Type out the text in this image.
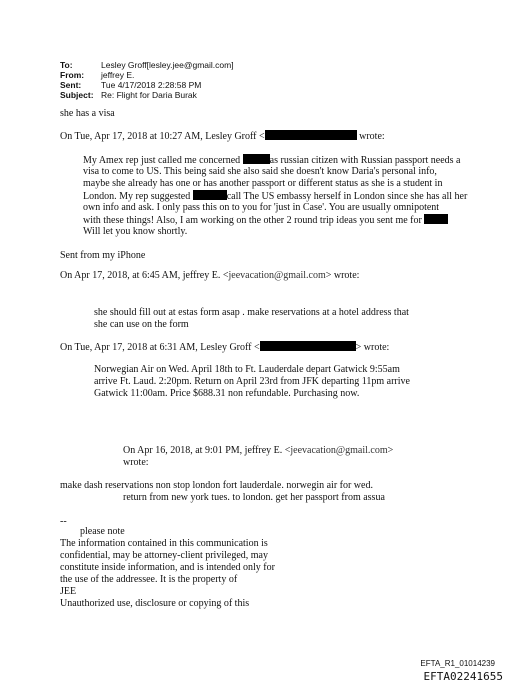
To:	Lesley Groff[lesley.jee@gmail.com]
From: jeffrey E.
Sent: Tue 4/17/2018 2:28:58 PM
Subject: Re: Flight for Daria Burak
she has a visa
On Tue, Apr 17, 2018 at 10:27 AM, Lesley Groff <	wrote:
My Amex rep just called me concerned	as russian citizen with Russian passport needs a
visa to come to US. This being said she also said she doesn't know Daria's personal info,
maybe she already has one or has another passport or different status as she is a student in
London. My rep suggested	call The US embassy herself in London since she has all her
own info and ask. I only pass this on to you for 'just in Case'. You are usually omnipotent
with these things! Also, I am working on the other 2 round trip ideas you sent me for
Will let you know shortly.
Sent from my iPhone
On Apr 17, 2018, at 6:45 AM, jeffrey E. <jeevacation@gmail.com> wrote:
she should fill out at estas form asap . make reservations at a hotel address that
she can use on the form
On Tue, Apr 17, 2018 at 6:31 AM, Lesley Groff <	> wrote:
Norwegian Air on Wed. April 18th to Ft. Lauderdale depart Gatwick 9:55am
arrive Ft. Laud. 2:20pm. Return on April 23rd from JFK departing 11pm arrive
Gatwick 11:00am. Price $688.31 non refundable. Purchasing now.
On Apr 16, 2018, at 9:01 PM, jeffrey E. <jeevacation@gmail.com>
wrote:
make dash reservations non stop london fort lauderdale. norwegin air for wed.
return from new york tues. to london. get her passport from assua
--
please note
The information contained in this communication is
confidential, may be attorney-client privileged, may
constitute inside information, and is intended only for
the use of the addressee. It is the property of
JEE
Unauthorized use, disclosure or copying of this
EFTA_R1_01014239
EFTA02241655
